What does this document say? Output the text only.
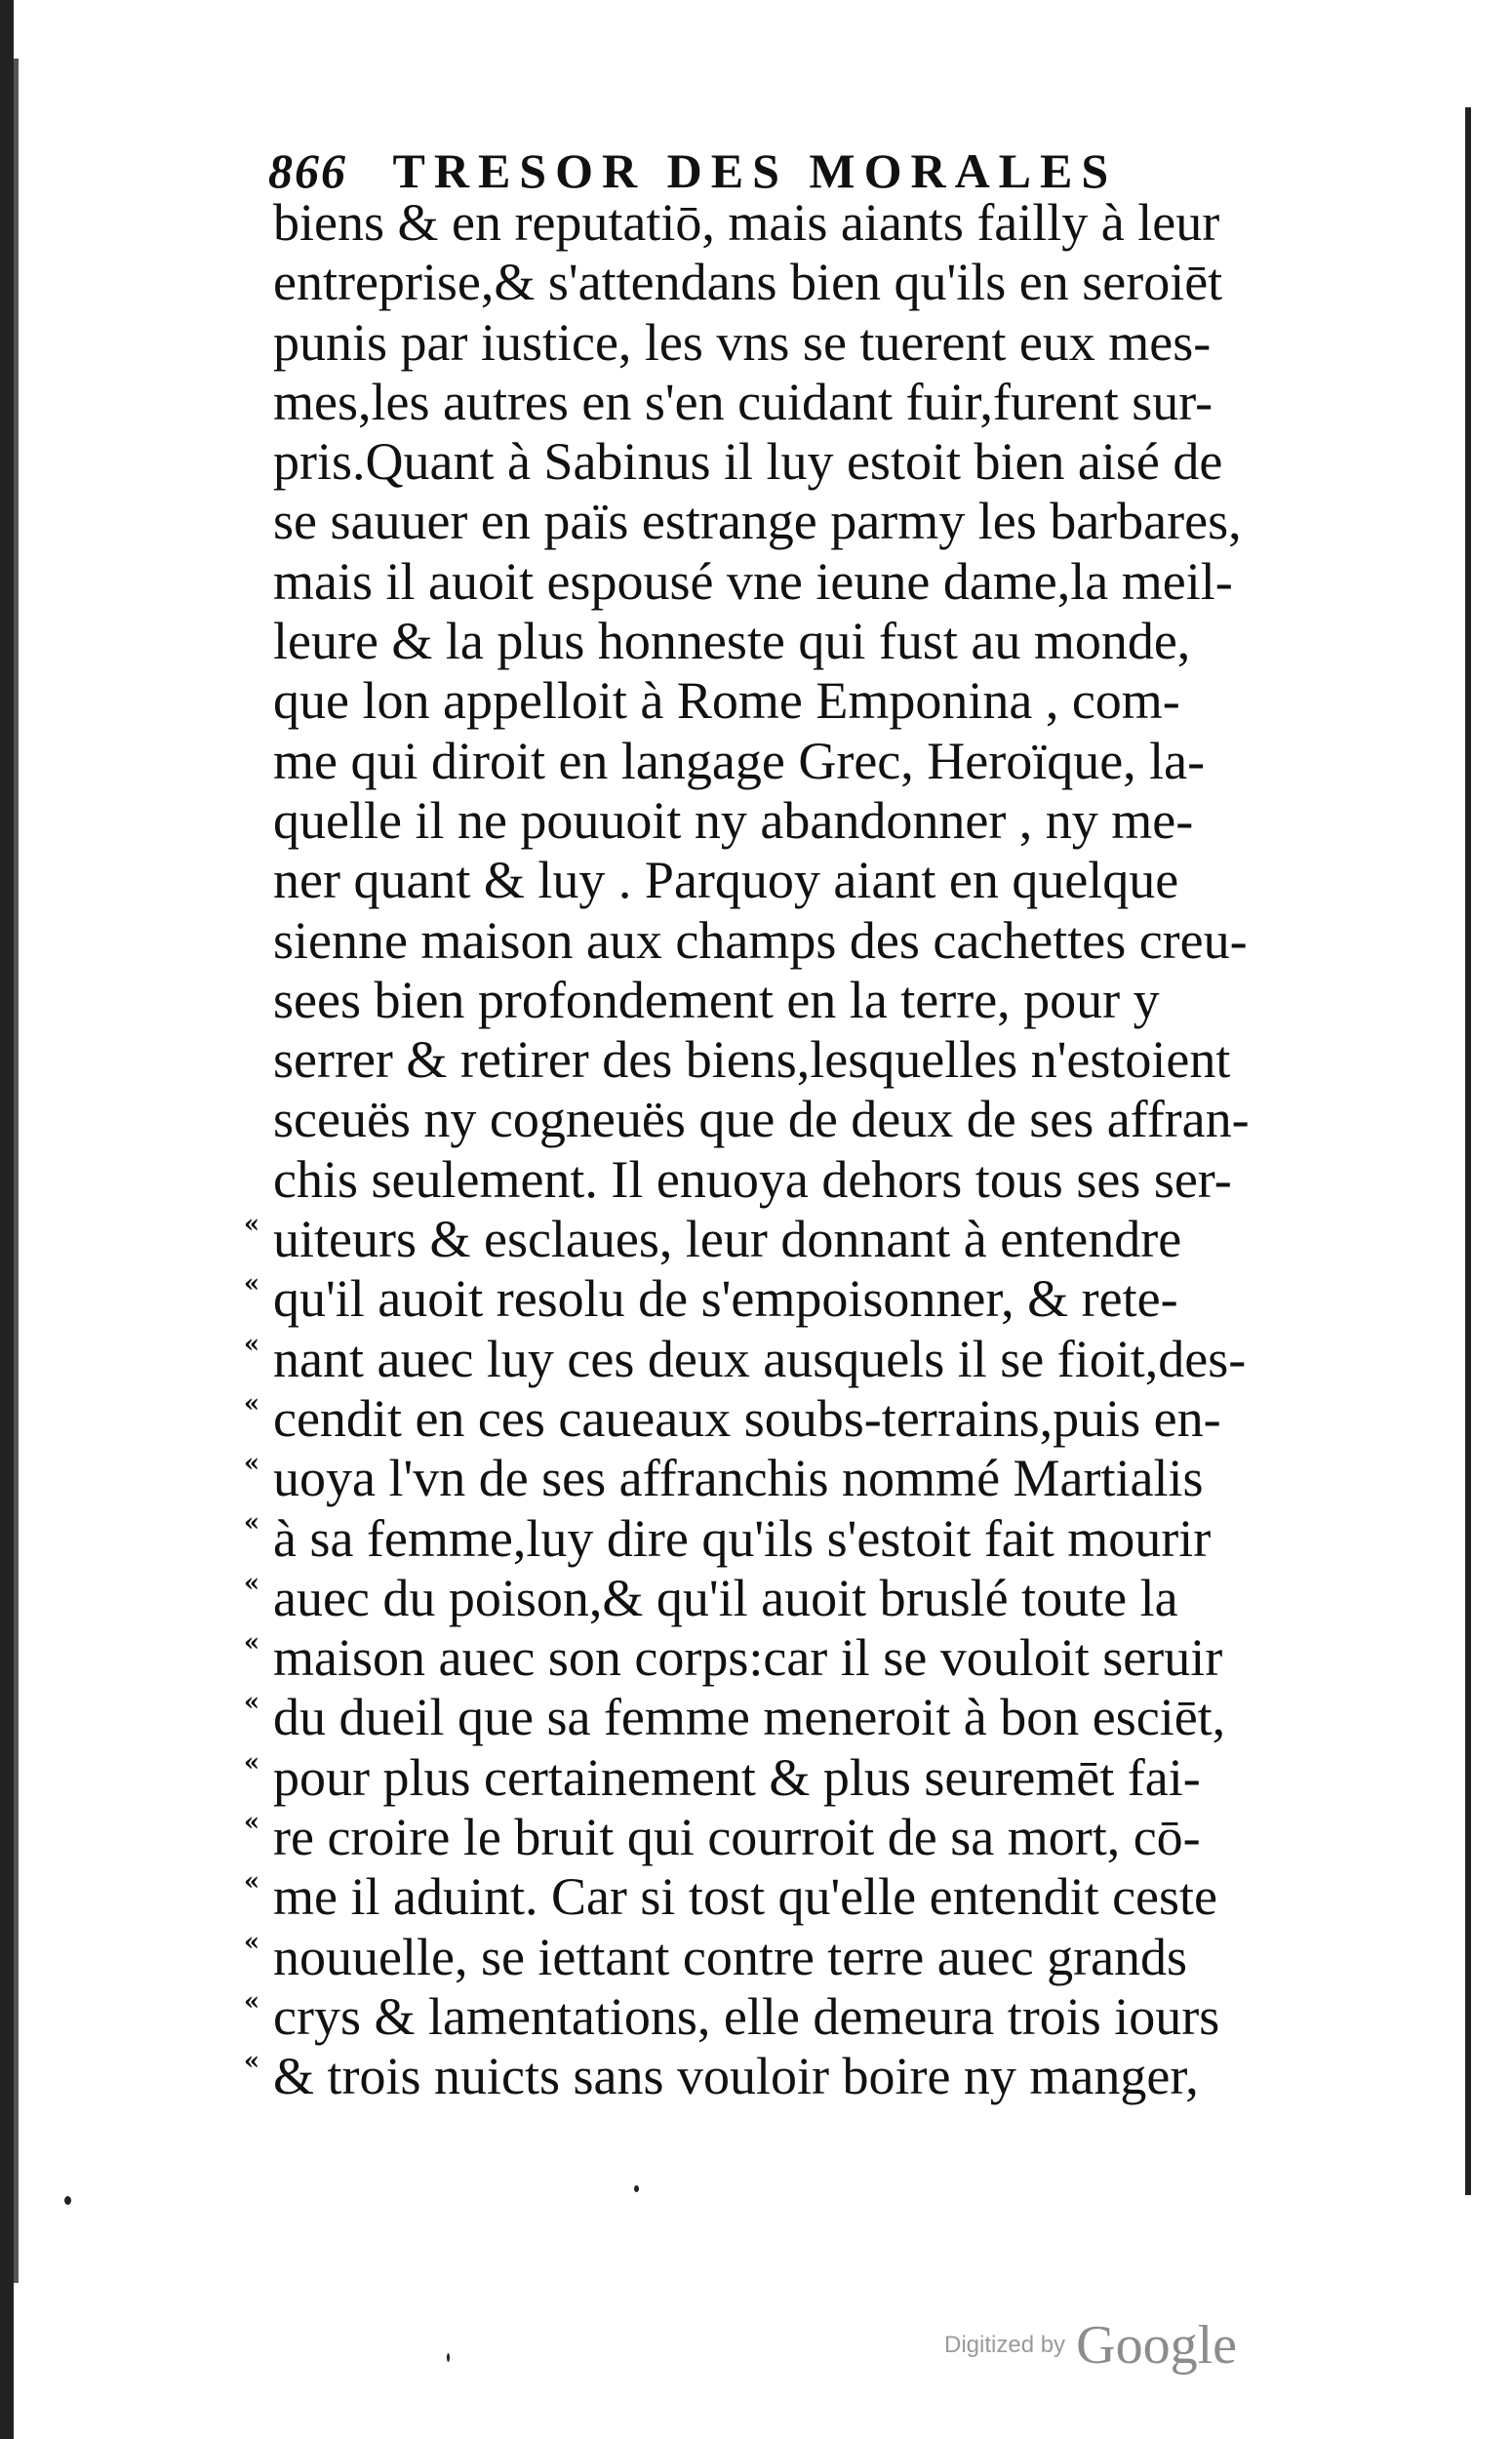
866 TRESOR DES MORALES
biens & en reputatiō, mais aiants failly à leur
entreprise,& s'attendans bien qu'ils en seroiēt
punis par iustice, les vns se tuerent eux mes-
mes,les autres en s'en cuidant fuir,furent sur-
pris.Quant à Sabinus il luy estoit bien aisé de
se sauuer en païs estrange parmy les barbares,
mais il auoit espousé vne ieune dame,la meil-
leure & la plus honneste qui fust au monde,
que lon appelloit à Rome Emponina , com-
me qui diroit en langage Grec, Heroïque, la-
quelle il ne pouuoit ny abandonner , ny me-
ner quant & luy . Parquoy aiant en quelque
sienne maison aux champs des cachettes creu-
sees bien profondement en la terre, pour y
serrer & retirer des biens,lesquelles n'estoient
sceuës ny cogneuës que de deux de ses affran-
chis seulement. Il enuoya dehors tous ses ser-
uiteurs & esclaues, leur donnant à entendre
qu'il auoit resolu de s'empoisonner, & rete-
nant auec luy ces deux ausquels il se fioit,des-
cendit en ces caueaux soubs-terrains,puis en-
uoya l'vn de ses affranchis nommé Martialis
à sa femme,luy dire qu'ils s'estoit fait mourir
auec du poison,& qu'il auoit bruslé toute la
maison auec son corps:car il se vouloit seruir
du dueil que sa femme meneroit à bon esciēt,
pour plus certainement & plus seuremēt fai-
re croire le bruit qui courroit de sa mort, cō-
me il aduint. Car si tost qu'elle entendit ceste
nouuelle, se iettant contre terre auec grands
crys & lamentations, elle demeura trois iours
& trois nuicts sans vouloir boire ny manger,
«
«
«
«
«
«
«
«
«
«
«
«
«
«
«
Digitized by Google
